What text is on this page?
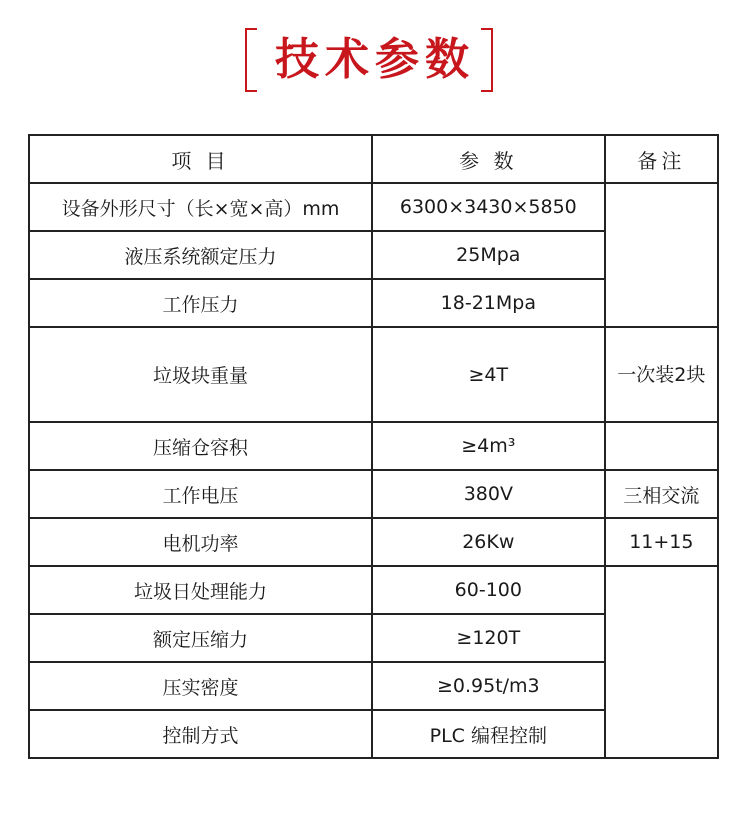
技术参数
项 目	参 数	备注
设备外形尺寸（长×宽×高）mm	6300×3430×5850	
液压系统额定压力	25Mpa	
工作压力	18-21Mpa	
垃圾块重量	≥4T	一次装2块
压缩仓容积	≥4m³	
工作电压	380V	三相交流
电机功率	26Kw	11+15
垃圾日处理能力	60-100	
额定压缩力	≥120T	
压实密度	≥0.95t/m3	
控制方式	PLC 编程控制	
